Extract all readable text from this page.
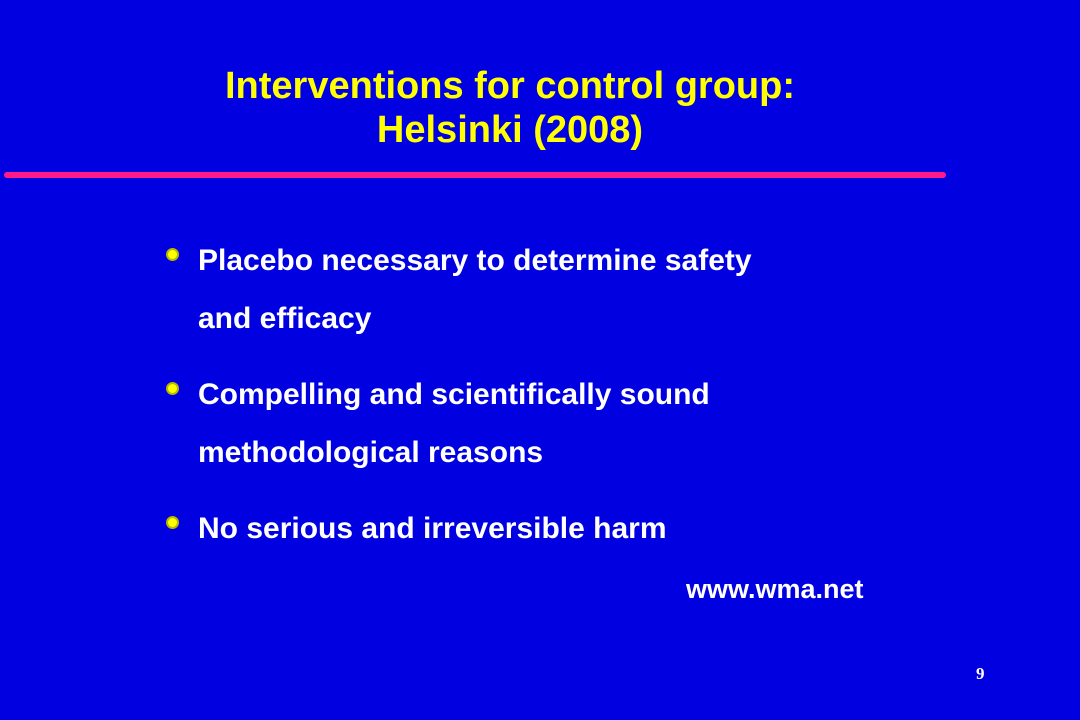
Interventions for control group:
Helsinki (2008)
Placebo necessary to determine safety
and efficacy
Compelling and scientifically sound
methodological reasons
No serious and irreversible harm
www.wma.net
9
